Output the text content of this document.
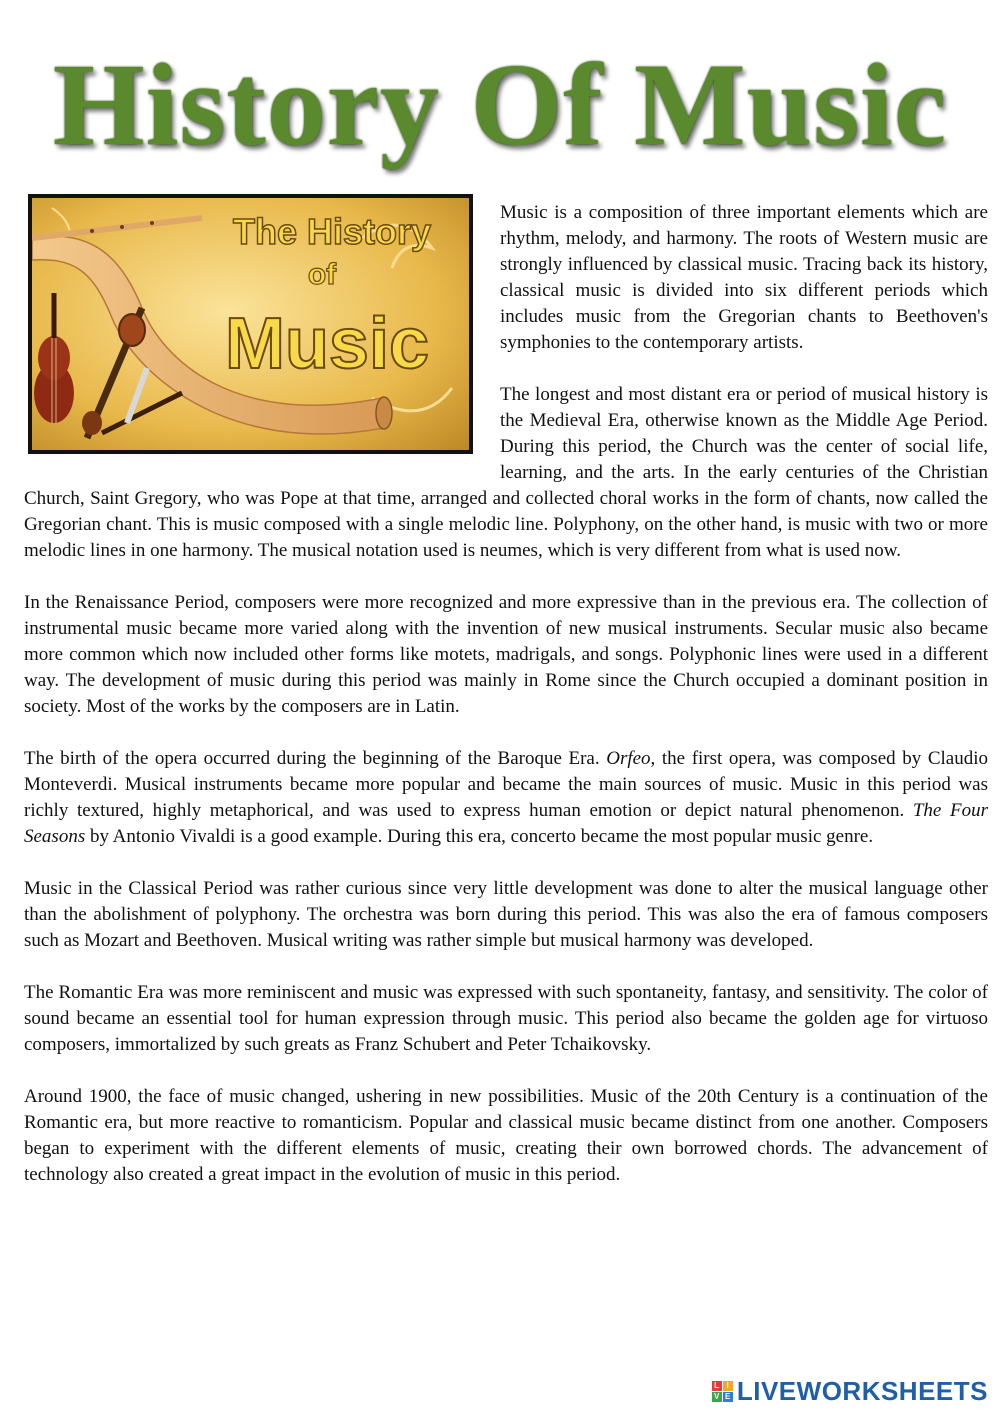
History Of Music
The History
of
Music

Music is a composition of three important elements which are rhythm, melody, and harmony. The roots of Western music are strongly influenced by classical music. Tracing back its history, classical music is divided into six different periods which includes music from the Gregorian chants to Beethoven's symphonies to the contemporary artists.

The longest and most distant era or period of musical history is the Medieval Era, otherwise known as the Middle Age Period. During this period, the Church was the center of social life, learning, and the arts. In the early centuries of the Christian Church, Saint Gregory, who was Pope at that time, arranged and collected choral works in the form of chants, now called the Gregorian chant. This is music composed with a single melodic line. Polyphony, on the other hand, is music with two or more melodic lines in one harmony. The musical notation used is neumes, which is very different from what is used now.

In the Renaissance Period, composers were more recognized and more expressive than in the previous era. The collection of instrumental music became more varied along with the invention of new musical instruments. Secular music also became more common which now included other forms like motets, madrigals, and songs. Polyphonic lines were used in a different way. The development of music during this period was mainly in Rome since the Church occupied a dominant position in society. Most of the works by the composers are in Latin.

The birth of the opera occurred during the beginning of the Baroque Era. Orfeo, the first opera, was composed by Claudio Monteverdi. Musical instruments became more popular and became the main sources of music. Music in this period was richly textured, highly metaphorical, and was used to express human emotion or depict natural phenomenon. The Four Seasons by Antonio Vivaldi is a good example. During this era, concerto became the most popular music genre.

Music in the Classical Period was rather curious since very little development was done to alter the musical language other than the abolishment of polyphony. The orchestra was born during this period. This was also the era of famous composers such as Mozart and Beethoven. Musical writing was rather simple but musical harmony was developed.

The Romantic Era was more reminiscent and music was expressed with such spontaneity, fantasy, and sensitivity. The color of sound became an essential tool for human expression through music. This period also became the golden age for virtuoso composers, immortalized by such greats as Franz Schubert and Peter Tchaikovsky.

Around 1900, the face of music changed, ushering in new possibilities. Music of the 20th Century is a continuation of the Romantic era, but more reactive to romanticism. Popular and classical music became distinct from one another. Composers began to experiment with the different elements of music, creating their own borrowed chords. The advancement of technology also created a great impact in the evolution of music in this period.

L I
V E LIVEWORKSHEETS
